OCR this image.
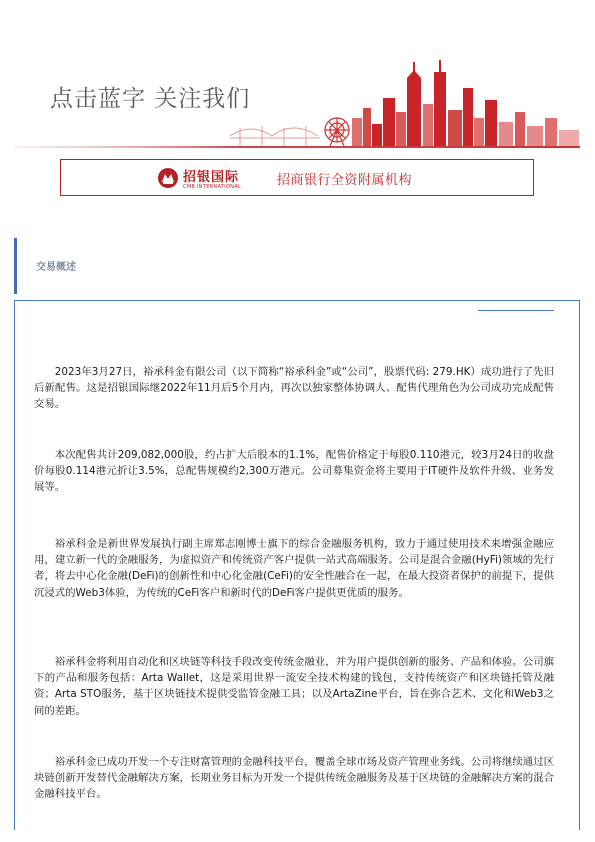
点击蓝字 关注我们
招银国际
CMB INTERNATIONAL	招商银行全资附属机构
交易概述

2023年3月27日，裕承科金有限公司（以下简称“裕承科金”或“公司”，股票代码: 279.HK）成功进行了先旧后新配售。这是招银国际继2022年11月后5个月内，再次以独家整体协调人、配售代理角色为公司成功完成配售交易。

本次配售共计209,082,000股，约占扩大后股本的1.1%，配售价格定于每股0.110港元，较3月24日的收盘价每股0.114港元折让3.5%，总配售规模约2,300万港元。公司募集资金将主要用于IT硬件及软件升级、业务发展等。

裕承科金是新世界发展执行副主席郑志刚博士旗下的综合金融服务机构，致力于通过使用技术来增强金融应用，建立新一代的金融服务，为虚拟资产和传统资产客户提供一站式高端服务。公司是混合金融(HyFi)领域的先行者，将去中心化金融(DeFi)的创新性和中心化金融(CeFi)的安全性融合在一起，在最大投资者保护的前提下，提供沉浸式的Web3体验，为传统的CeFi客户和新时代的DeFi客户提供更优质的服务。

裕承科金将利用自动化和区块链等科技手段改变传统金融业，并为用户提供创新的服务、产品和体验。公司旗下的产品和服务包括：Arta Wallet，这是采用世界一流安全技术构建的钱包，支持传统资产和区块链托管及融资；Arta STO服务，基于区块链技术提供受监管金融工具；以及ArtaZine平台，旨在弥合艺术、文化和Web3之间的差距。

裕承科金已成功开发一个专注财富管理的金融科技平台，覆盖全球市场及资产管理业务线。公司将继续通过区块链创新开发替代金融解决方案，长期业务目标为开发一个提供传统金融服务及基于区块链的金融解决方案的混合金融科技平台。
